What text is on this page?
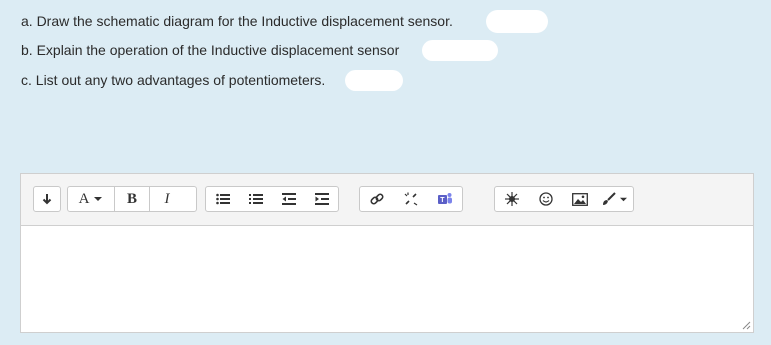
a. Draw the schematic diagram for the Inductive displacement sensor.
b. Explain the operation of the Inductive displacement sensor
c. List out any two advantages of potentiometers.
A	B I	T
